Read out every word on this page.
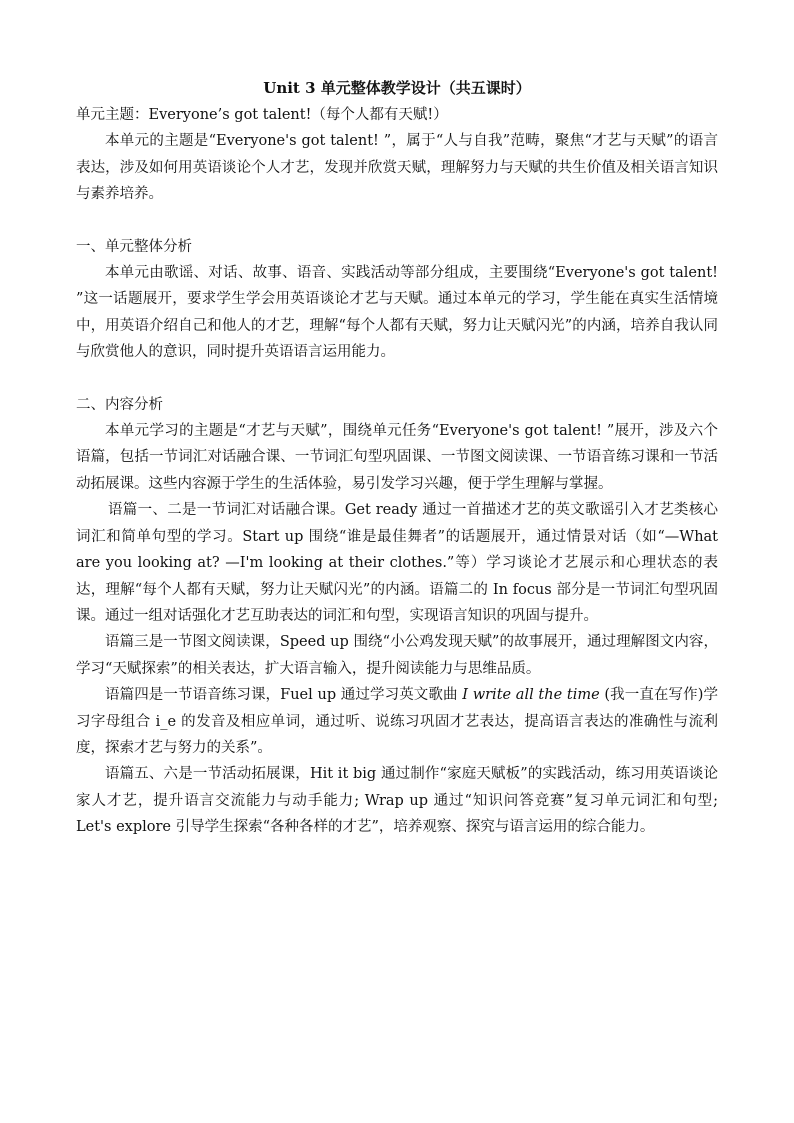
Unit 3 单元整体教学设计（共五课时）

单元主题：Everyone’s got talent!（每个人都有天赋!）

本单元的主题是“Everyone's got talent! ”，属于“人与自我”范畴，聚焦“才艺与天赋”的语言表达，涉及如何用英语谈论个人才艺，发现并欣赏天赋，理解努力与天赋的共生价值及相关语言知识与素养培养。

一、单元整体分析

本单元由歌谣、对话、故事、语音、实践活动等部分组成，主要围绕“Everyone's got talent! ”这一话题展开，要求学生学会用英语谈论才艺与天赋。通过本单元的学习，学生能在真实生活情境中，用英语介绍自己和他人的才艺，理解“每个人都有天赋，努力让天赋闪光”的内涵，培养自我认同与欣赏他人的意识，同时提升英语语言运用能力。

二、内容分析

本单元学习的主题是“才艺与天赋”，围绕单元任务“Everyone's got talent! ”展开，涉及六个语篇，包括一节词汇对话融合课、一节词汇句型巩固课、一节图文阅读课、一节语音练习课和一节活动拓展课。这些内容源于学生的生活体验，易引发学习兴趣，便于学生理解与掌握。

语篇一、二是一节词汇对话融合课。Get ready 通过一首描述才艺的英文歌谣引入才艺类核心词汇和简单句型的学习。Start up 围绕“谁是最佳舞者”的话题展开，通过情景对话（如“—What are you looking at? —I'm looking at their clothes.”等）学习谈论才艺展示和心理状态的表达，理解“每个人都有天赋，努力让天赋闪光”的内涵。语篇二的 In focus 部分是一节词汇句型巩固课。通过一组对话强化才艺互助表达的词汇和句型，实现语言知识的巩固与提升。

语篇三是一节图文阅读课，Speed up 围绕“小公鸡发现天赋”的故事展开，通过理解图文内容，学习“天赋探索”的相关表达，扩大语言输入，提升阅读能力与思维品质。

语篇四是一节语音练习课，Fuel up 通过学习英文歌曲 I write all the time (我一直在写作)学习字母组合 i_e 的发音及相应单词，通过听、说练习巩固才艺表达，提高语言表达的准确性与流利度，探索才艺与努力的关系”。

语篇五、六是一节活动拓展课，Hit it big 通过制作“家庭天赋板”的实践活动，练习用英语谈论家人才艺，提升语言交流能力与动手能力; Wrap up 通过“知识问答竞赛”复习单元词汇和句型; Let's explore 引导学生探索“各种各样的才艺”，培养观察、探究与语言运用的综合能力。
